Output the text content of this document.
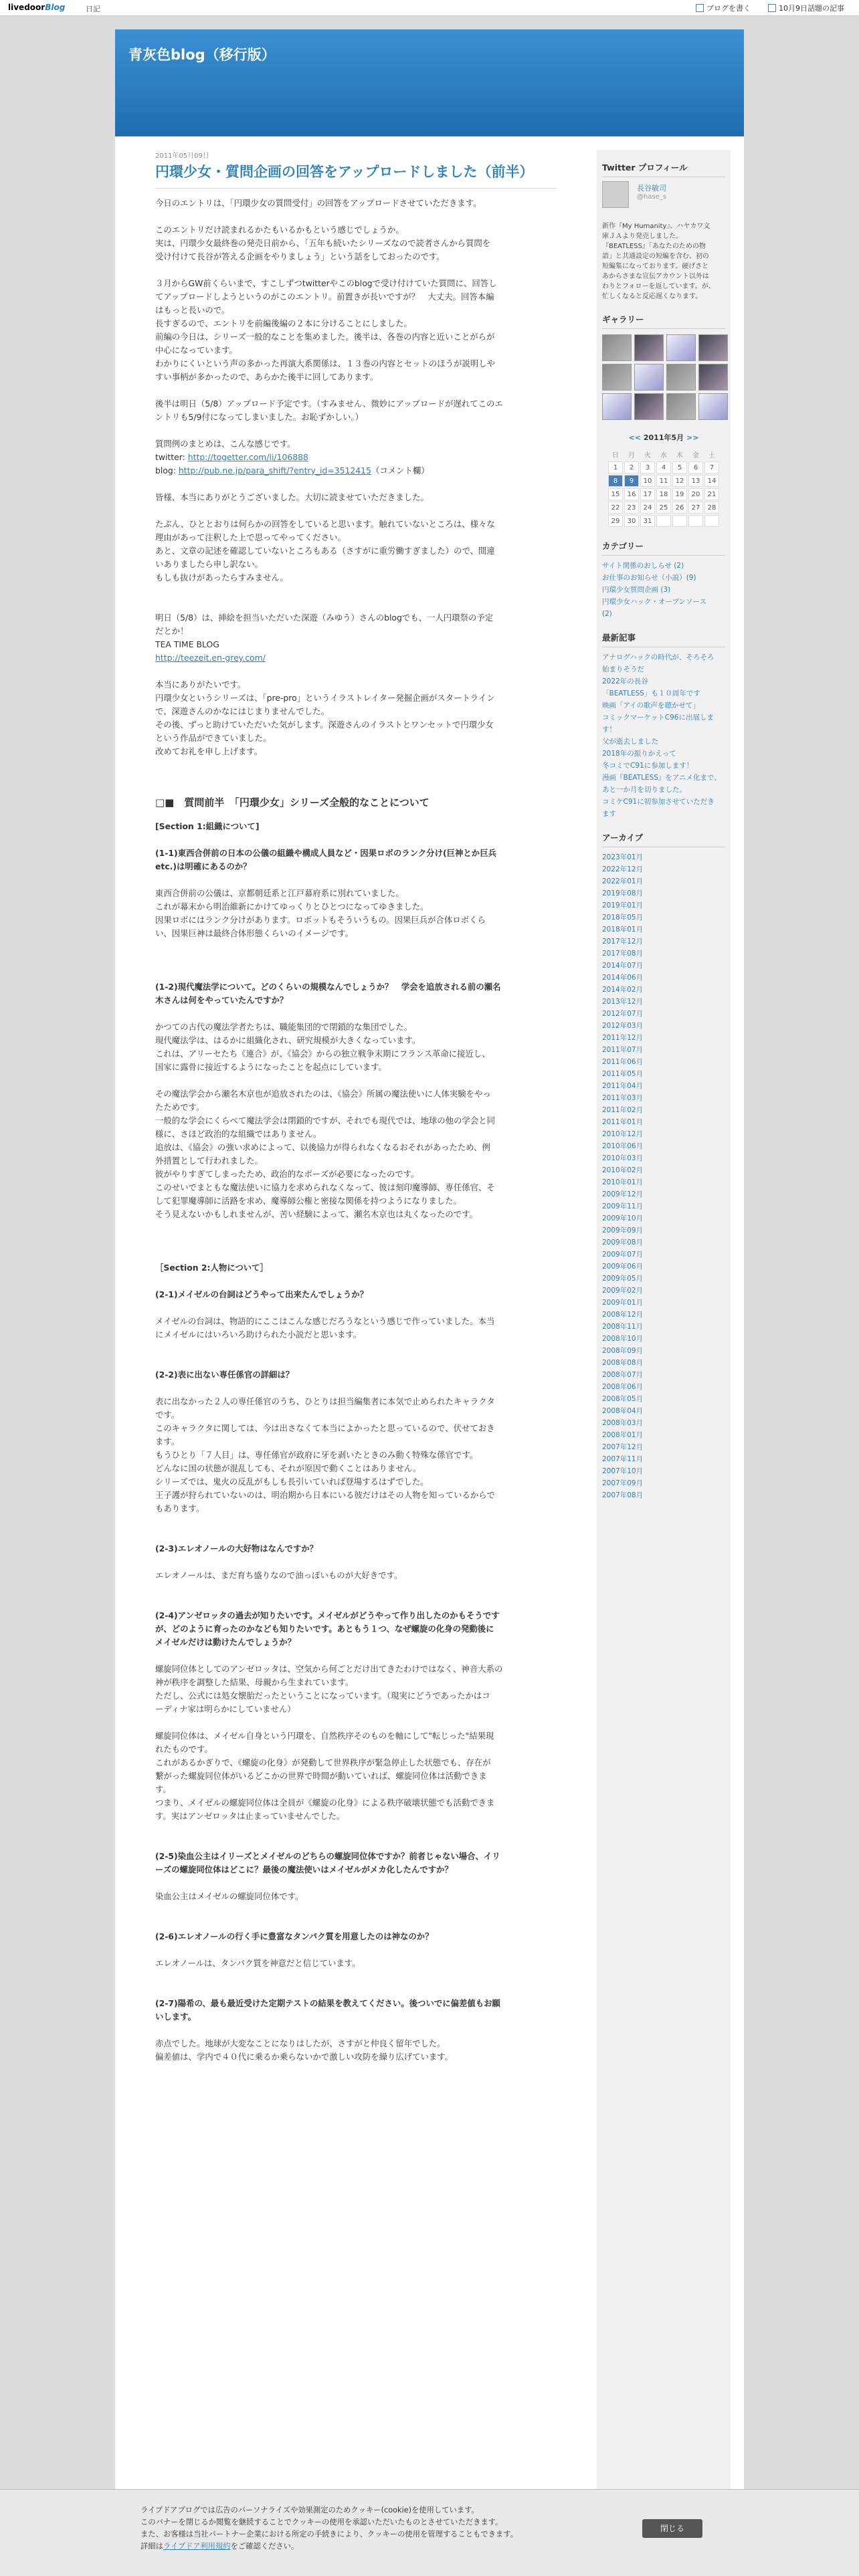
livedoorBlog	日記	ブログを書く	10月9日話題の記事
青灰色blog（移行版）
2011年05月09日
円環少女・質問企画の回答をアップロードしました（前半）
今日のエントリは、「円環少女の質問受付」の回答をアップロードさせていただきます。
このエントリだけ読まれるかたもいるかもという感じでしょうか。
実は、円環少女最終巻の発売日前から、「五年も続いたシリーズなので読者さんから質問を
受け付けて長谷が答える企画をやりましょう」という話をしておったのです。
３月からGW前くらいまで、すこしずつtwitterやこのblogで受け付けていた質問に、回答し
てアップロードしようというのがこのエントリ。前置きが長いですが？　大丈夫。回答本編
はもっと長いので。
長すぎるので、エントリを前編後編の２本に分けることにしました。
前編の今日は、シリーズ一般的なことを集めました。後半は、各巻の内容と近いことがらが
中心になっています。
わかりにくいという声の多かった再演大系関係は、１３巻の内容とセットのほうが説明しや
すい事柄が多かったので、あらかた後半に回してあります。
後半は明日（5/8）アップロード予定です。（すみません、微妙にアップロードが遅れてこのエ
ントリも5/9付になってしまいました。お恥ずかしい。）
質問例のまとめは、こんな感じです。
twitter: http://togetter.com/li/106888
blog: http://pub.ne.jp/para_shift/?entry_id=3512415（コメント欄）
皆様、本当にありがとうございました。大切に読ませていただきました。
たぶん、ひととおりは何らかの回答をしていると思います。触れていないところは、様々な
理由があって注釈した上で思ってやってください。
あと、文章の記述を確認していないところもある（さすがに重労働すぎました）ので、間違
いありましたら申し訳ない。
もしも抜けがあったらすみません。
明日（5/8）は、挿絵を担当いただいた深遊（みゆう）さんのblogでも、一人円環祭の予定
だとか！
TEA TIME BLOG
http://teezeit.en-grey.com/
本当にありがたいです。
円環少女というシリーズは、「pre-pro」というイラストレイター発掘企画がスタートライン
で、深遊さんのかなにはじまりませんでした。
その後、ずっと助けていただいた気がします。深遊さんのイラストとワンセットで円環少女
という作品ができていました。
改めてお礼を申し上げます。
□■　質問前半　「円環少女」シリーズ全般的なことについて
[Section 1:組織について]
(1-1)東西合併前の日本の公儀の組織や構成人員など・因果ロボのランク分け(巨神とか巨兵
etc.)は明確にあるのか？
東西合併前の公儀は、京都朝廷系と江戸幕府系に別れていました。
これが幕末から明治維新にかけてゆっくりとひとつになってゆきました。
因果ロボにはランク分けがあります。ロボットもそういうもの。因果巨兵が合体ロボくら
い、因果巨神は最終合体形態くらいのイメージです。
(1-2)現代魔法学について。どのくらいの規模なんでしょうか？　学会を追放される前の瀬名
木さんは何をやっていたんですか？
かつての古代の魔法学者たちは、職能集団的で閉鎖的な集団でした。
現代魔法学は、はるかに組織化され、研究規模が大きくなっています。
これは、アリーセたち《連合》が、《協会》からの独立戦争末期にフランス革命に接近し、
国家に露骨に接近するようになったことを起点にしています。
その魔法学会から瀬名木京也が追放されたのは、《協会》所属の魔法使いに人体実験をやっ
たためです。
一般的な学会にくらべて魔法学会は閉鎖的ですが、それでも現代では、地球の他の学会と同
様に、さほど政治的な組織ではありません。
追放は、《協会》の強い求めによって、以後協力が得られなくなるおそれがあったため、例
外措置として行われました。
彼がやりすぎてしまったため、政治的なポーズが必要になったのです。
このせいでまともな魔法使いに協力を求められなくなって、彼は刻印魔導師、専任係官、そ
して犯罪魔導師に活路を求め、魔導師公権と密接な関係を持つようになりました。
そう見えないかもしれませんが、苦い経験によって、瀬名木京也は丸くなったのです。
［Section 2:人物について］
(2-1)メイゼルの台詞はどうやって出来たんでしょうか？
メイゼルの台詞は、物語的にここはこんな感じだろうなという感じで作っていました。本当
にメイゼルにはいろいろ助けられた小説だと思います。
(2-2)表に出ない専任係官の詳細は？
表に出なかった２人の専任係官のうち、ひとりは担当編集者に本気で止められたキャラクタ
です。
このキャラクタに関しては、今は出さなくて本当によかったと思っているので、伏せておき
ます。
もうひとり「７人目」は、専任係官が政府に牙を剥いたときのみ動く特殊な係官です。
どんなに国の状態が混乱しても、それが原因で動くことはありません。
シリーズでは、鬼火の反乱がもしも長引いていれば登場するはずでした。
王子護が狩られていないのは、明治期から日本にいる彼だけはその人物を知っているからで
もあります。
(2-3)エレオノールの大好物はなんですか？
エレオノールは、まだ育ち盛りなので油っぽいものが大好きです。
(2-4)アンゼロッタの過去が知りたいです。メイゼルがどうやって作り出したのかもそうです
が、どのように育ったのかなども知りたいです。あともう１つ、なぜ螺旋の化身の発動後に
メイゼルだけは動けたんでしょうか？
螺旋同位体としてのアンゼロッタは、空気から何ごとだけ出てきたわけではなく、神音大系の
神が秩序を調整した結果、母親から生まれています。
ただし、公式には処女懐胎だったということになっています。（現実にどうであったかはコ
ーディナ家は明らかにしていません）
螺旋同位体は、メイゼル自身という円環を、自然秩序そのものを軸にして"転じった"結果現
れたものです。
これがあるかぎりで、《螺旋の化身》が発動して世界秩序が緊急停止した状態でも、存在が
繋がった螺旋同位体がいるどこかの世界で時間が動いていれば、螺旋同位体は活動できま
す。
つまり、メイゼルの螺旋同位体は全員が《螺旋の化身》による秩序破壊状態でも活動できま
す。実はアンゼロッタは止まっていませんでした。
(2-5)染血公主はイリーズとメイゼルのどちらの螺旋同位体ですか？前者じゃない場合、イリ
ーズの螺旋同位体はどこに？最後の魔法使いはメイゼルがメカ化したんですか？
染血公主はメイゼルの螺旋同位体です。
(2-6)エレオノールの行く手に豊富なタンパク質を用意したのは神なのか？
エレオノールは、タンパク質を神意だと信じています。
(2-7)陽希の、最も最近受けた定期テストの結果を教えてください。後ついでに偏差値もお願
いします。
赤点でした。地球が大変なことになりはしたが、さすがと仲良く留年でした。
偏差値は、学内で４０代に乗るか乗らないかで激しい攻防を繰り広げています。
Twitter プロフィール
長谷敏司
@hase_s
新作『My Humanity』、ハヤカワ文
庫ＪＡより発売しました。
『BEATLESS』「あなたのための物
語」と共通設定の短編を含む、初の
短編集になっております。硬げさと
あからさまな宣伝アカウント以外は
わりとフォローを返しています。が、
忙しくなると反応遅くなります。
ギャラリー
<< 2011年5月 >>
日	月	火	水	木	金	土
1	2	3	4	5	6	7
8	9	10	11	12	13	14
15	16	17	18	19	20	21
22	23	24	25	26	27	28
29	30	31				
カテゴリー
サイト関係のおしらせ (2)
お仕事のお知らせ（小説）(9)
円環少女質問企画 (3)
円環少女ハック・オープンソース
(2)
最新記事
アナログハックの時代が、そろそろ
始まりそうだ
2022年の長谷
「BEATLESS」も１０周年です
映画「アイの歌声を聴かせて」
コミックマーケットC96に出展しま
す！
父が逝去しました
2018年の振りかえって
冬コミでC91に参加します！
漫画『BEATLESS』をアニメ化まで、
あと一か月を切りました。
コミケC91に初参加させていただき
ます
アーカイブ
2023年01月
2022年12月
2022年01月
2019年08月
2019年01月
2018年05月
2018年01月
2017年12月
2017年08月
2014年07月
2014年06月
2014年02月
2013年12月
2012年07月
2012年03月
2011年12月
2011年07月
2011年06月
2011年05月
2011年04月
2011年03月
2011年02月
2011年01月
2010年12月
2010年06月
2010年03月
2010年02月
2010年01月
2009年12月
2009年11月
2009年10月
2009年09月
2009年08月
2009年07月
2009年06月
2009年05月
2009年02月
2009年01月
2008年12月
2008年11月
2008年10月
2008年09月
2008年08月
2008年07月
2008年06月
2008年05月
2008年04月
2008年03月
2008年01月
2007年12月
2007年11月
2007年10月
2007年09月
2007年08月
ライブドアブログでは広告のパーソナライズや効果測定のためクッキー(cookie)を使用しています。
このバナーを閉じるか閲覧を継続することでクッキーの使用を承認いただいたものとさせていただきます。
また、お客様は当社パートナー企業における所定の手続きにより、クッキーの使用を管理することもできます。
詳細はライブドア利用規約をご確認ください。
閉じる
